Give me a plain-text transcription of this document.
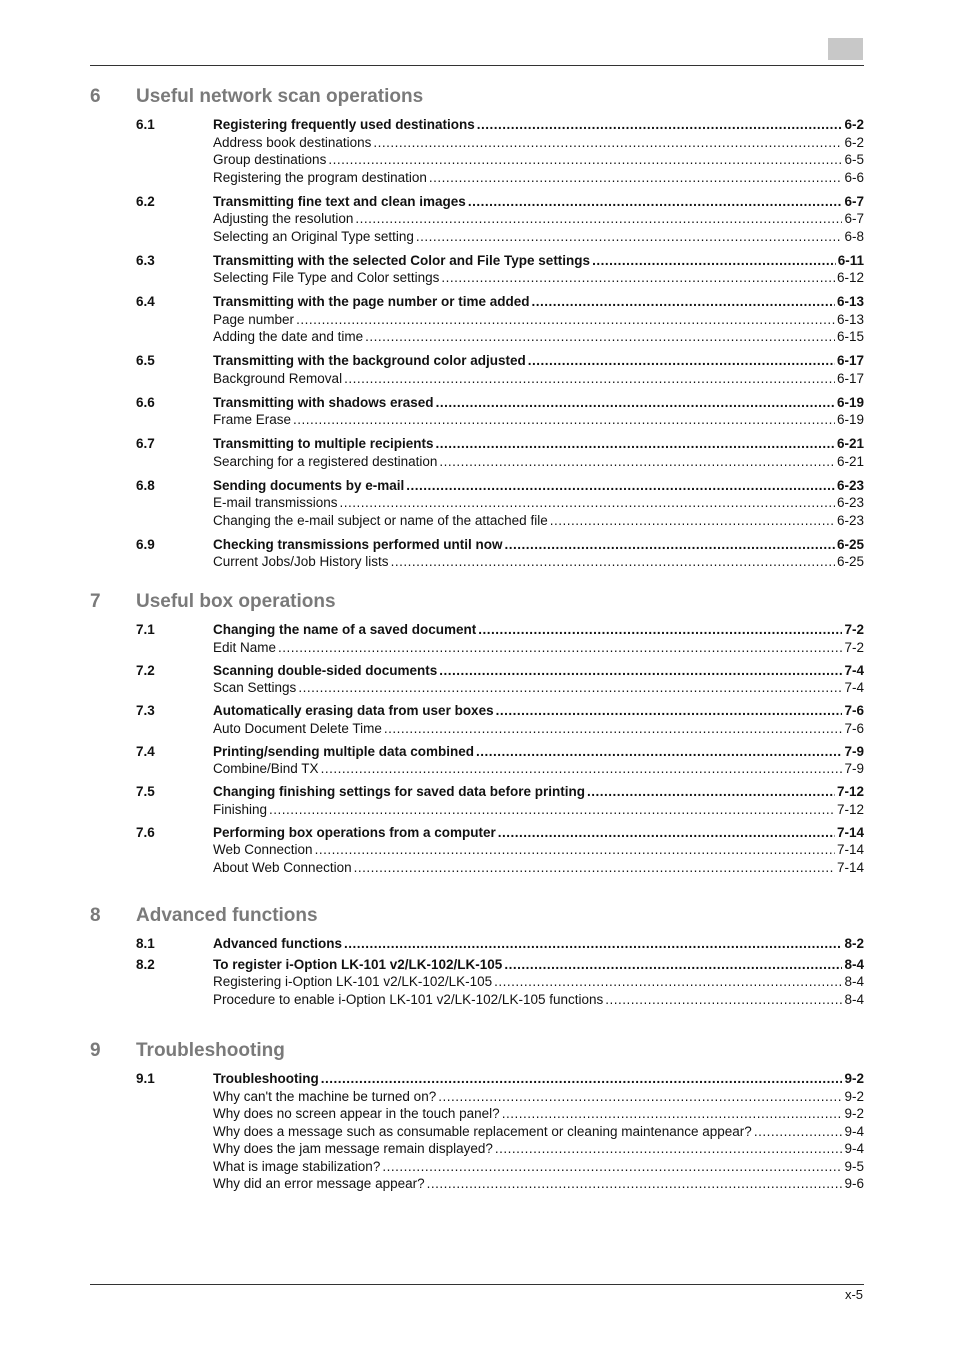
6 Useful network scan operations
6.1	Registering frequently used destinations .....	6-2
Address book destinations .....	6-2
Group destinations .....	6-5
Registering the program destination .....	6-6
6.2	Transmitting fine text and clean images .....	6-7
Adjusting the resolution .....	6-7
Selecting an Original Type setting .....	6-8
6.3	Transmitting with the selected Color and File Type settings .....	6-11
Selecting File Type and Color settings .....	6-12
6.4	Transmitting with the page number or time added .....	6-13
Page number .....	6-13
Adding the date and time .....	6-15
6.5	Transmitting with the background color adjusted .....	6-17
Background Removal .....	6-17
6.6	Transmitting with shadows erased .....	6-19
Frame Erase .....	6-19
6.7	Transmitting to multiple recipients .....	6-21
Searching for a registered destination .....	6-21
6.8	Sending documents by e-mail .....	6-23
E-mail transmissions .....	6-23
Changing the e-mail subject or name of the attached file .....	6-23
6.9	Checking transmissions performed until now .....	6-25
Current Jobs/Job History lists .....	6-25
7 Useful box operations
7.1	Changing the name of a saved document .....	7-2
Edit Name .....	7-2
7.2	Scanning double-sided documents .....	7-4
Scan Settings .....	7-4
7.3	Automatically erasing data from user boxes .....	7-6
Auto Document Delete Time .....	7-6
7.4	Printing/sending multiple data combined .....	7-9
Combine/Bind TX .....	7-9
7.5	Changing finishing settings for saved data before printing .....	7-12
Finishing .....	7-12
7.6	Performing box operations from a computer .....	7-14
Web Connection .....	7-14
About Web Connection .....	7-14
8 Advanced functions
8.1	Advanced functions .....	8-2
8.2	To register i-Option LK-101 v2/LK-102/LK-105 .....	8-4
Registering i-Option LK-101 v2/LK-102/LK-105 .....	8-4
Procedure to enable i-Option LK-101 v2/LK-102/LK-105 functions .....	8-4
9 Troubleshooting
9.1	Troubleshooting .....	9-2
Why can't the machine be turned on? .....	9-2
Why does no screen appear in the touch panel? .....	9-2
Why does a message such as consumable replacement or cleaning maintenance appear? .....	9-4
Why does the jam message remain displayed? .....	9-4
What is image stabilization? .....	9-5
Why did an error message appear? .....	9-6
x-5
